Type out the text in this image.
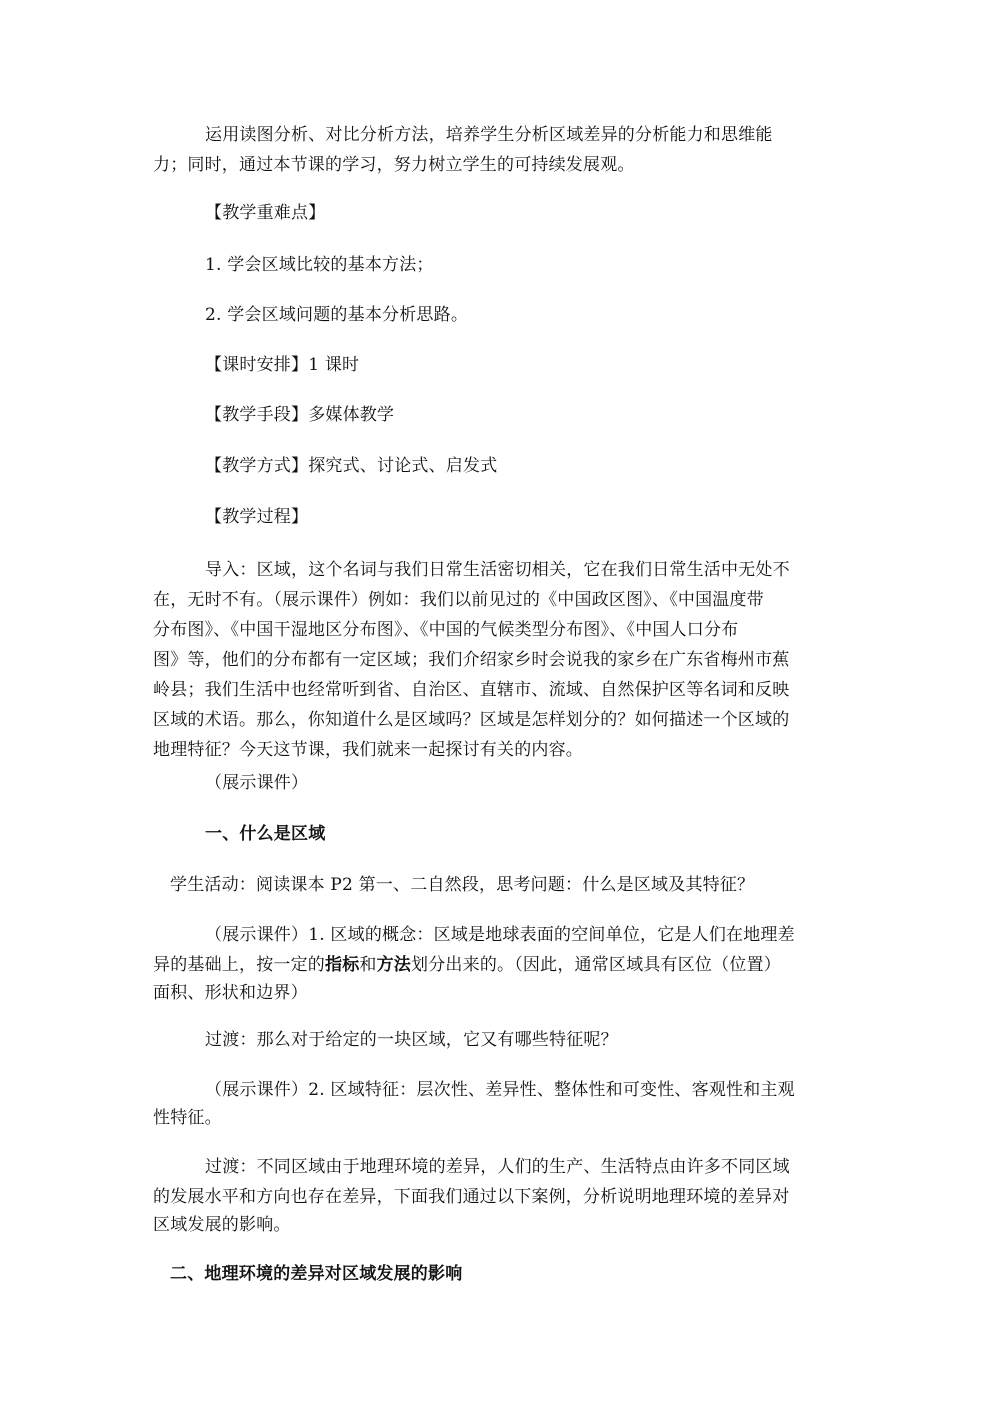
运用读图分析、对比分析方法，培养学生分析区域差异的分析能力和思维能
力；同时，通过本节课的学习，努力树立学生的可持续发展观。
【教学重难点】
1. 学会区域比较的基本方法；
2. 学会区域问题的基本分析思路。
【课时安排】1 课时
【教学手段】多媒体教学
【教学方式】探究式、讨论式、启发式
【教学过程】
导入：区域，这个名词与我们日常生活密切相关，它在我们日常生活中无处不
在，无时不有。（展示课件）例如：我们以前见过的《中国政区图》、《中国温度带
分布图》、《中国干湿地区分布图》、《中国的气候类型分布图》、《中国人口分布
图》等，他们的分布都有一定区域；我们介绍家乡时会说我的家乡在广东省梅州市蕉
岭县；我们生活中也经常听到省、自治区、直辖市、流域、自然保护区等名词和反映
区域的术语。那么，你知道什么是区域吗？区域是怎样划分的？如何描述一个区域的
地理特征？今天这节课，我们就来一起探讨有关的内容。
（展示课件）
一、什么是区域
学生活动：阅读课本 P2 第一、二自然段，思考问题：什么是区域及其特征？
（展示课件）1. 区域的概念：区域是地球表面的空间单位，它是人们在地理差
异的基础上，按一定的指标和方法划分出来的。（因此，通常区域具有区位（位置）
面积、形状和边界）
过渡：那么对于给定的一块区域，它又有哪些特征呢？
（展示课件）2. 区域特征：层次性、差异性、整体性和可变性、客观性和主观
性特征。
过渡：不同区域由于地理环境的差异，人们的生产、生活特点由许多不同区域
的发展水平和方向也存在差异，下面我们通过以下案例，分析说明地理环境的差异对
区域发展的影响。
二、地理环境的差异对区域发展的影响
